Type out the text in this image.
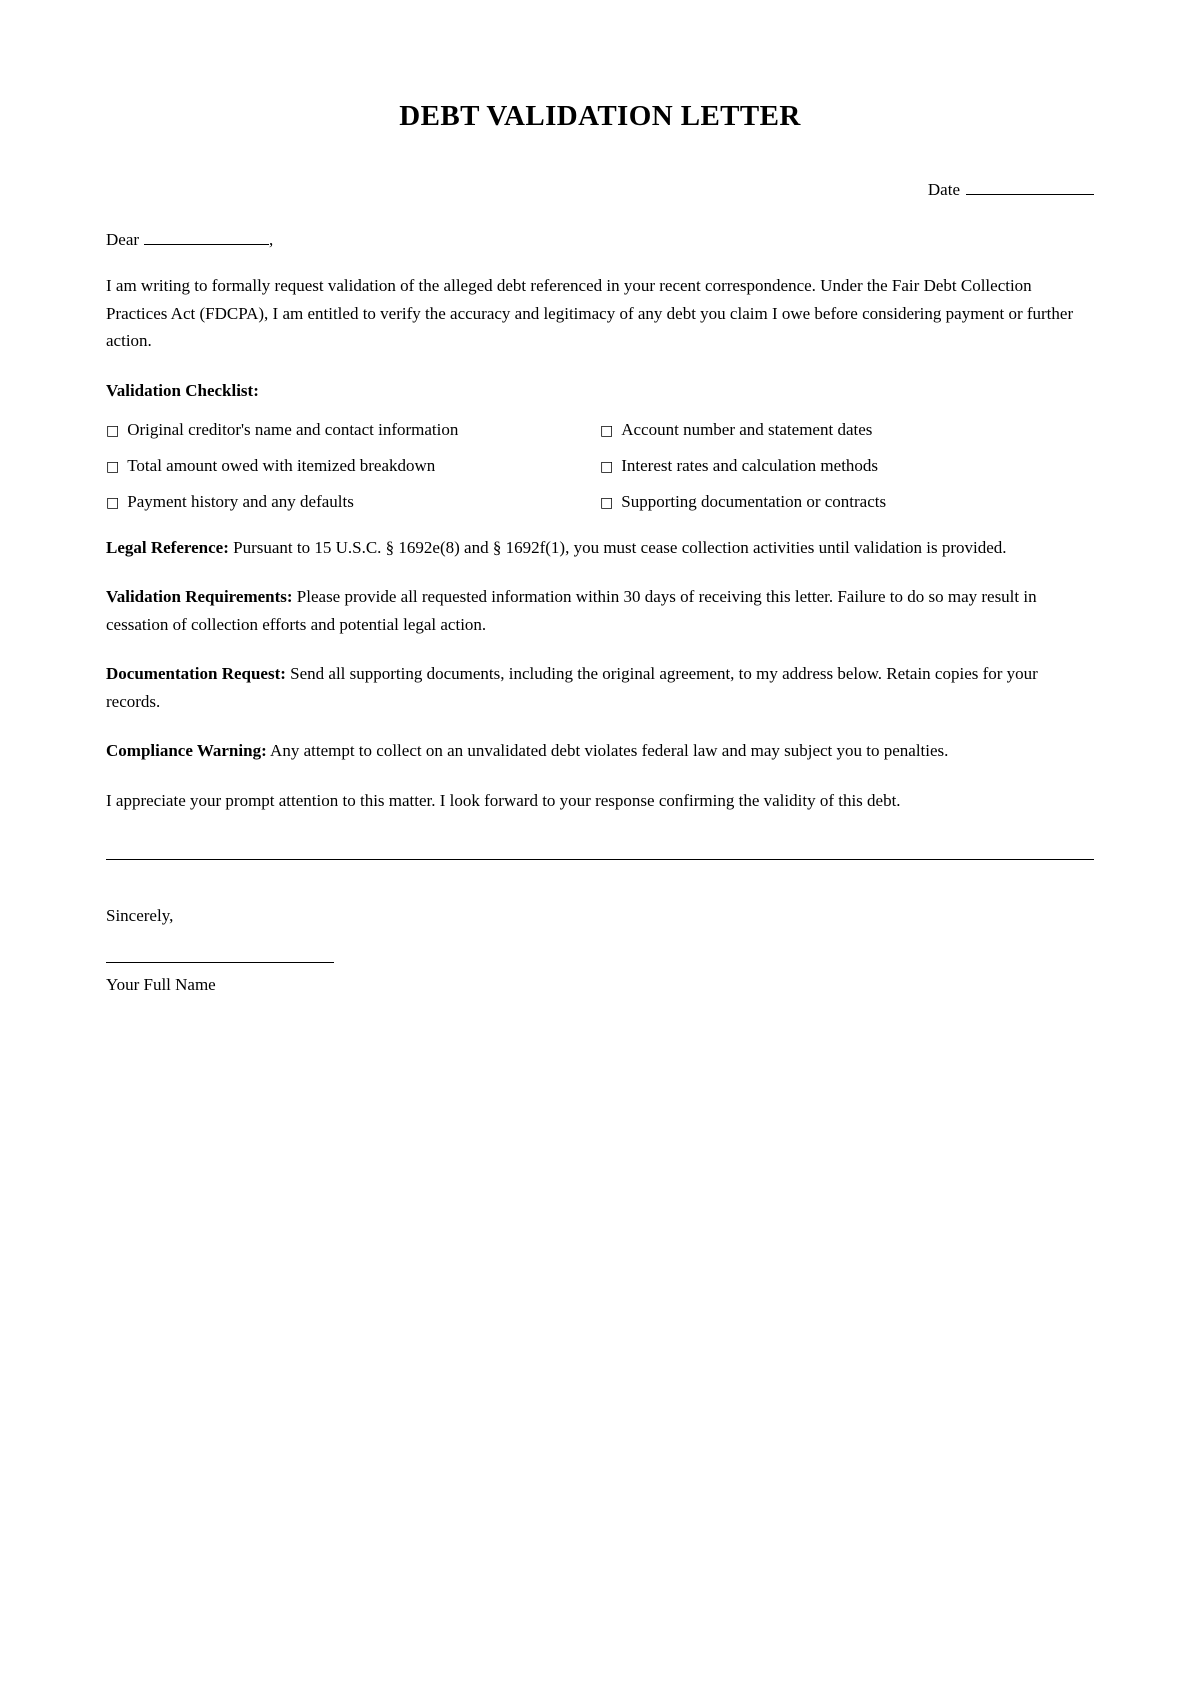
DEBT VALIDATION LETTER
Date
Dear	,

I am writing to formally request validation of the alleged debt referenced in your recent correspondence. Under the Fair Debt Collection Practices Act (FDCPA), I am entitled to verify the accuracy and legitimacy of any debt you claim I owe before considering payment or further action.

Validation Checklist:

□ Original creditor's name and contact information	□ Account number and statement dates
□ Total amount owed with itemized breakdown	□ Interest rates and calculation methods
□ Payment history and any defaults	□ Supporting documentation or contracts

Legal Reference: Pursuant to 15 U.S.C. § 1692e(8) and § 1692f(1), you must cease collection activities until validation is provided.

Validation Requirements: Please provide all requested information within 30 days of receiving this letter. Failure to do so may result in cessation of collection efforts and potential legal action.

Documentation Request: Send all supporting documents, including the original agreement, to my address below. Retain copies for your records.

Compliance Warning: Any attempt to collect on an unvalidated debt violates federal law and may subject you to penalties.

I appreciate your prompt attention to this matter. I look forward to your response confirming the validity of this debt.

Sincerely,
Your Full Name
